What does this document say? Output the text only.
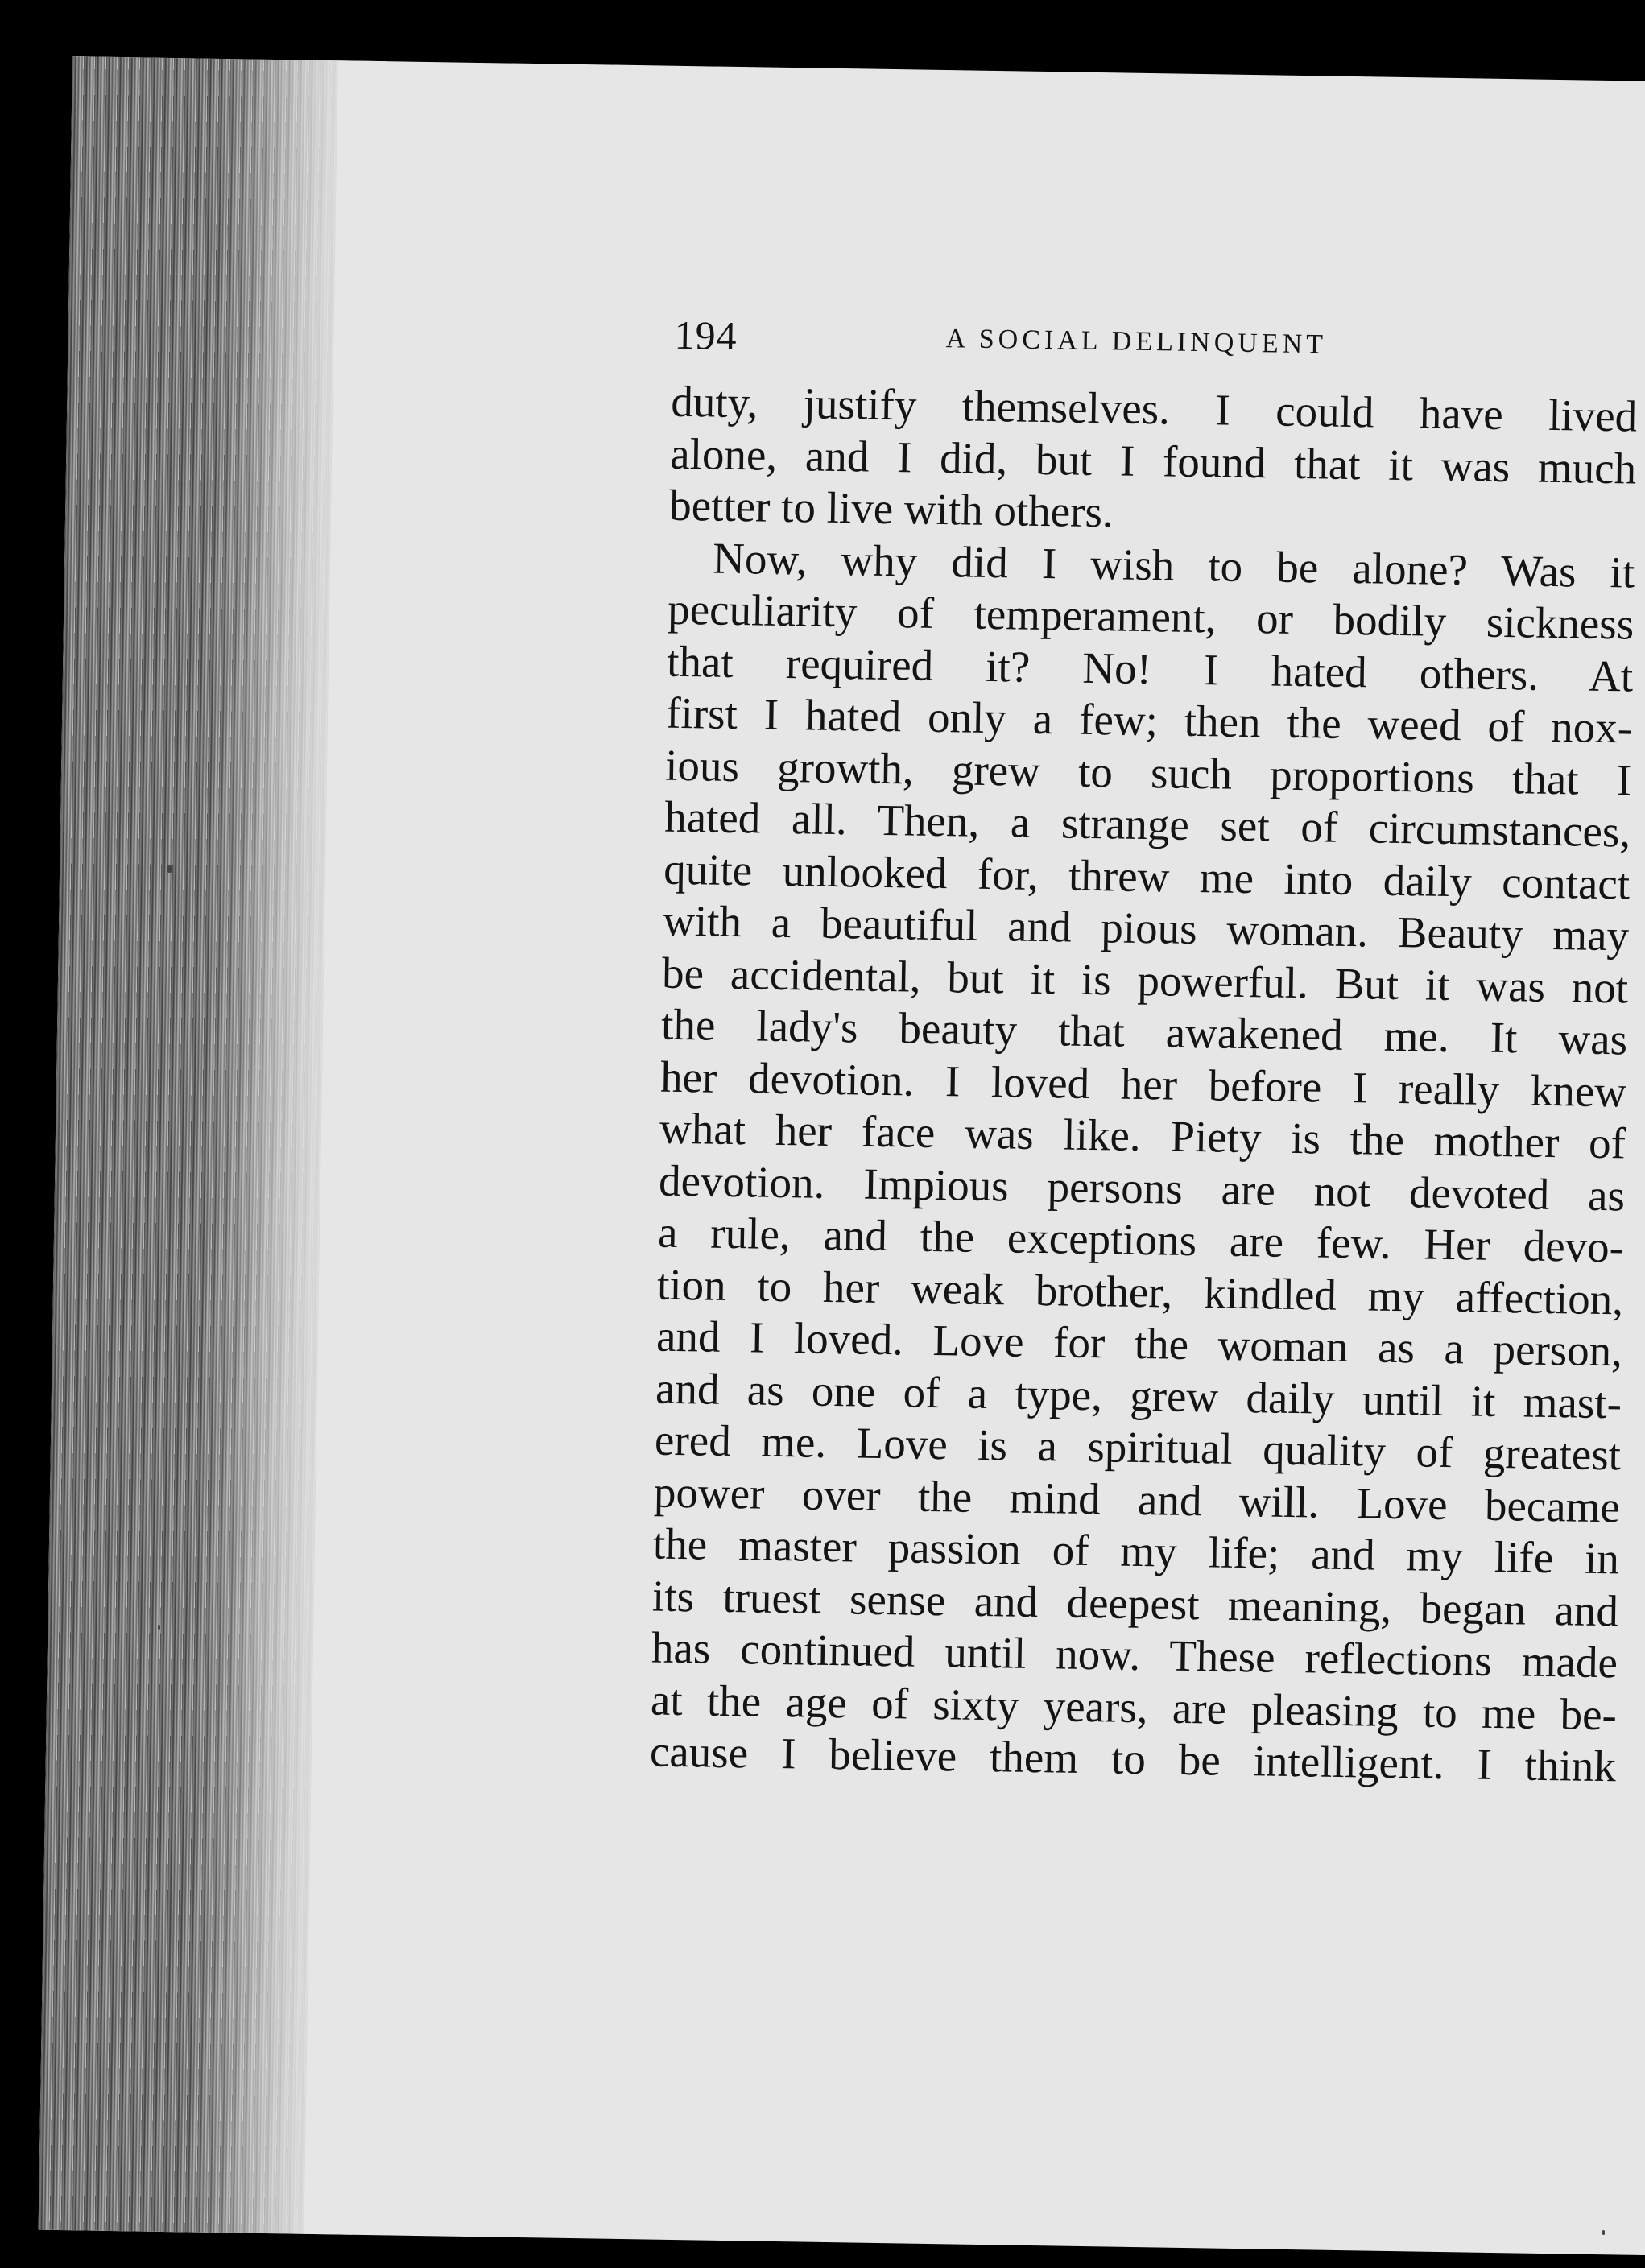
194	A SOCIAL DELINQUENT
duty, justify themselves. I could have lived
alone, and I did, but I found that it was much
better to live with others.
Now, why did I wish to be alone? Was it
peculiarity of temperament, or bodily sickness
that required it? No! I hated others. At
first I hated only a few; then the weed of nox-
ious growth, grew to such proportions that I
hated all. Then, a strange set of circumstances,
quite unlooked for, threw me into daily contact
with a beautiful and pious woman. Beauty may
be accidental, but it is powerful. But it was not
the lady's beauty that awakened me. It was
her devotion. I loved her before I really knew
what her face was like. Piety is the mother of
devotion. Impious persons are not devoted as
a rule, and the exceptions are few. Her devo-
tion to her weak brother, kindled my affection,
and I loved. Love for the woman as a person,
and as one of a type, grew daily until it mast-
ered me. Love is a spiritual quality of greatest
power over the mind and will. Love became
the master passion of my life; and my life in
its truest sense and deepest meaning, began and
has continued until now. These reflections made
at the age of sixty years, are pleasing to me be-
cause I believe them to be intelligent. I think
